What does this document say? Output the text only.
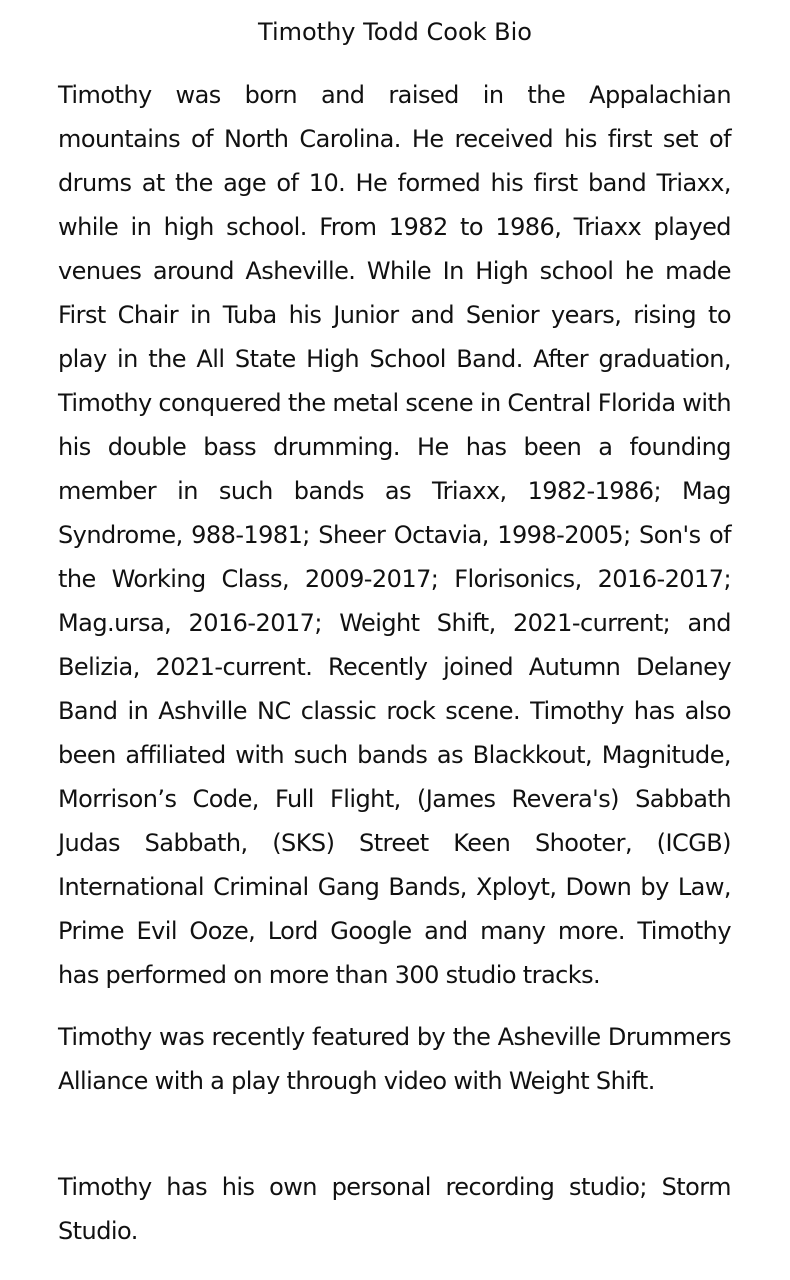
Timothy Todd Cook Bio

Timothy was born and raised in the Appalachian mountains of North Carolina. He received his first set of drums at the age of 10. He formed his first band Triaxx, while in high school. From 1982 to 1986, Triaxx played venues around Asheville. While In High school he made First Chair in Tuba his Junior and Senior years, rising to play in the All State High School Band. After graduation, Timothy conquered the metal scene in Central Florida with his double bass drumming. He has been a founding member in such bands as Triaxx, 1982-1986; Mag Syndrome, 988-1981; Sheer Octavia, 1998-2005; Son's of the Working Class, 2009-2017; Florisonics, 2016-2017; Mag.ursa, 2016-2017; Weight Shift, 2021-current; and Belizia, 2021-current. Recently joined Autumn Delaney Band in Ashville NC classic rock scene. Timothy has also been affiliated with such bands as Blackkout, Magnitude, Morrison’s Code, Full Flight, (James Revera's) Sabbath Judas Sabbath, (SKS) Street Keen Shooter, (ICGB) International Criminal Gang Bands, Xployt, Down by Law, Prime Evil Ooze, Lord Google and many more. Timothy has performed on more than 300 studio tracks.

Timothy was recently featured by the Asheville Drummers Alliance with a play through video with Weight Shift.

Timothy has his own personal recording studio; Storm Studio.
